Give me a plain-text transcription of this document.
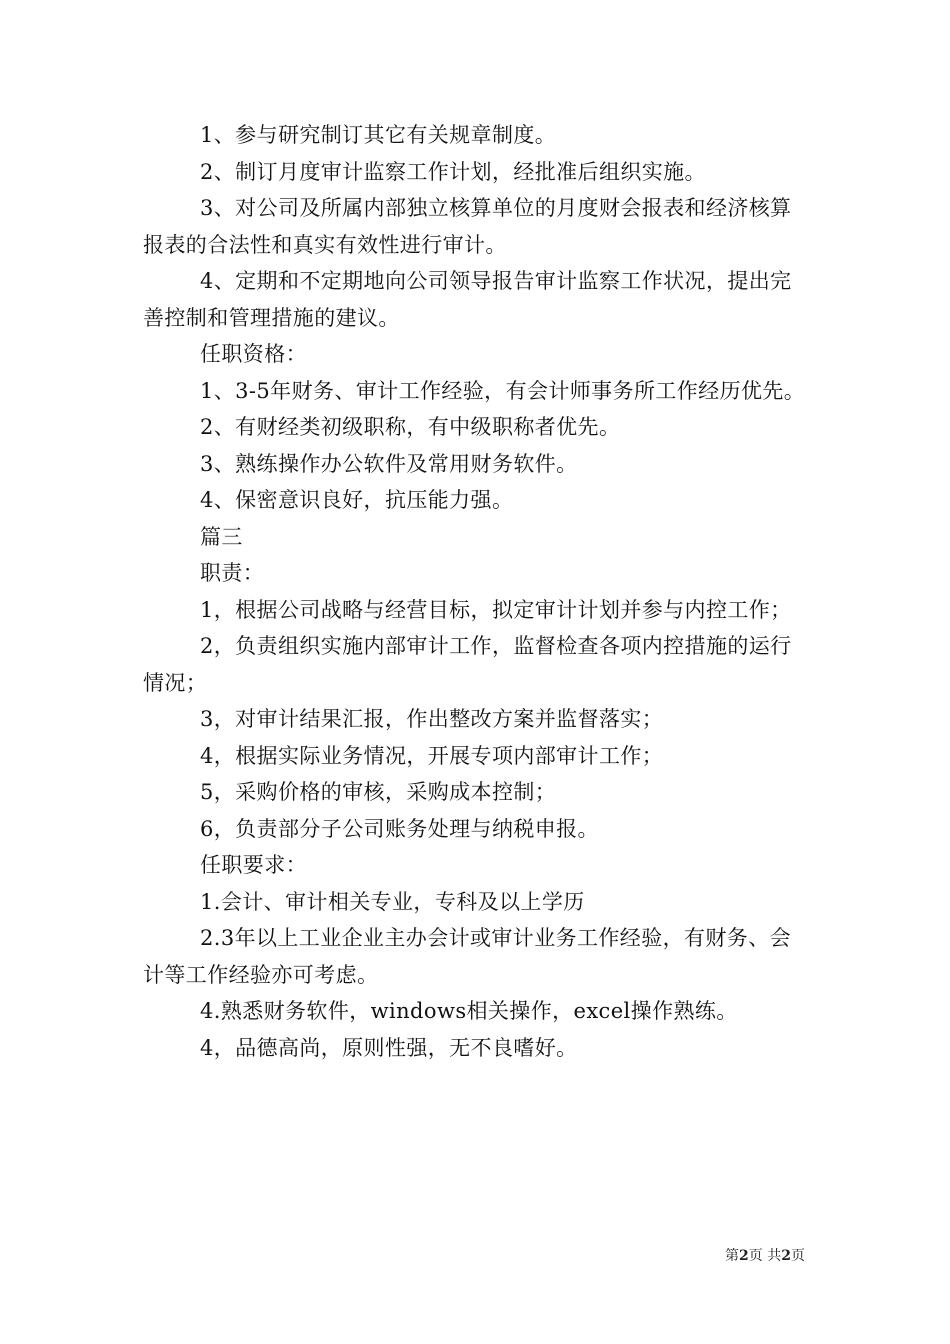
1、参与研究制订其它有关规章制度。

2、制订月度审计监察工作计划，经批准后组织实施。

3、对公司及所属内部独立核算单位的月度财会报表和经济核算报表的合法性和真实有效性进行审计。

4、定期和不定期地向公司领导报告审计监察工作状况，提出完善控制和管理措施的建议。

任职资格：

1、3-5年财务、审计工作经验，有会计师事务所工作经历优先。

2、有财经类初级职称，有中级职称者优先。

3、熟练操作办公软件及常用财务软件。

4、保密意识良好，抗压能力强。

篇三

职责：

1，根据公司战略与经营目标，拟定审计计划并参与内控工作；

2，负责组织实施内部审计工作，监督检查各项内控措施的运行情况；

3，对审计结果汇报，作出整改方案并监督落实；

4，根据实际业务情况，开展专项内部审计工作；

5，采购价格的审核，采购成本控制；

6，负责部分子公司账务处理与纳税申报。

任职要求：

1.会计、审计相关专业，专科及以上学历

2.3年以上工业企业主办会计或审计业务工作经验，有财务、会计等工作经验亦可考虑。

4.熟悉财务软件，windows相关操作，excel操作熟练。

4，品德高尚，原则性强，无不良嗜好。

第2页 共2页
